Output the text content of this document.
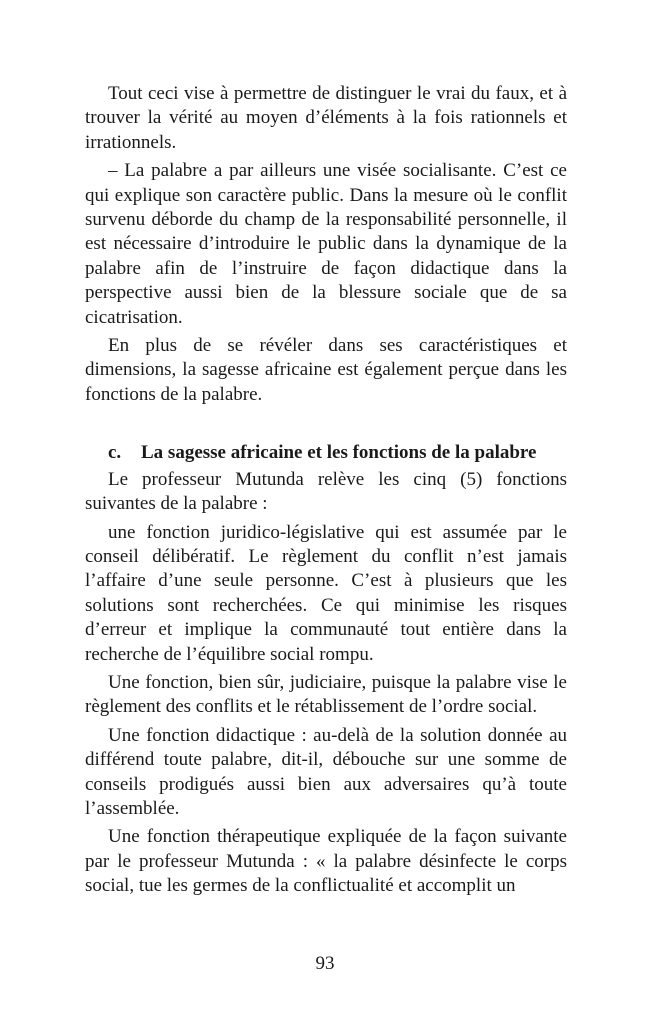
Tout ceci vise à permettre de distinguer le vrai du faux, et à trouver la vérité au moyen d’éléments à la fois rationnels et irrationnels.

– La palabre a par ailleurs une visée socialisante. C’est ce qui explique son caractère public. Dans la mesure où le conflit survenu déborde du champ de la responsabilité personnelle, il est nécessaire d’introduire le public dans la dynamique de la palabre afin de l’instruire de façon didactique dans la perspective aussi bien de la blessure sociale que de sa cicatrisation.

En plus de se révéler dans ses caractéristiques et dimensions, la sagesse africaine est également perçue dans les fonctions de la palabre.

c. La sagesse africaine et les fonctions de la palabre

Le professeur Mutunda relève les cinq (5) fonctions suivantes de la palabre :

une fonction juridico-législative qui est assumée par le conseil délibératif. Le règlement du conflit n’est jamais l’affaire d’une seule personne. C’est à plusieurs que les solutions sont recherchées. Ce qui minimise les risques d’erreur et implique la communauté tout entière dans la recherche de l’équilibre social rompu.

Une fonction, bien sûr, judiciaire, puisque la palabre vise le règlement des conflits et le rétablissement de l’ordre social.

Une fonction didactique : au-delà de la solution donnée au différend toute palabre, dit-il, débouche sur une somme de conseils prodigués aussi bien aux adversaires qu’à toute l’assemblée.

Une fonction thérapeutique expliquée de la façon suivante par le professeur Mutunda : « la palabre désinfecte le corps social, tue les germes de la conflictualité et accomplit un

93
